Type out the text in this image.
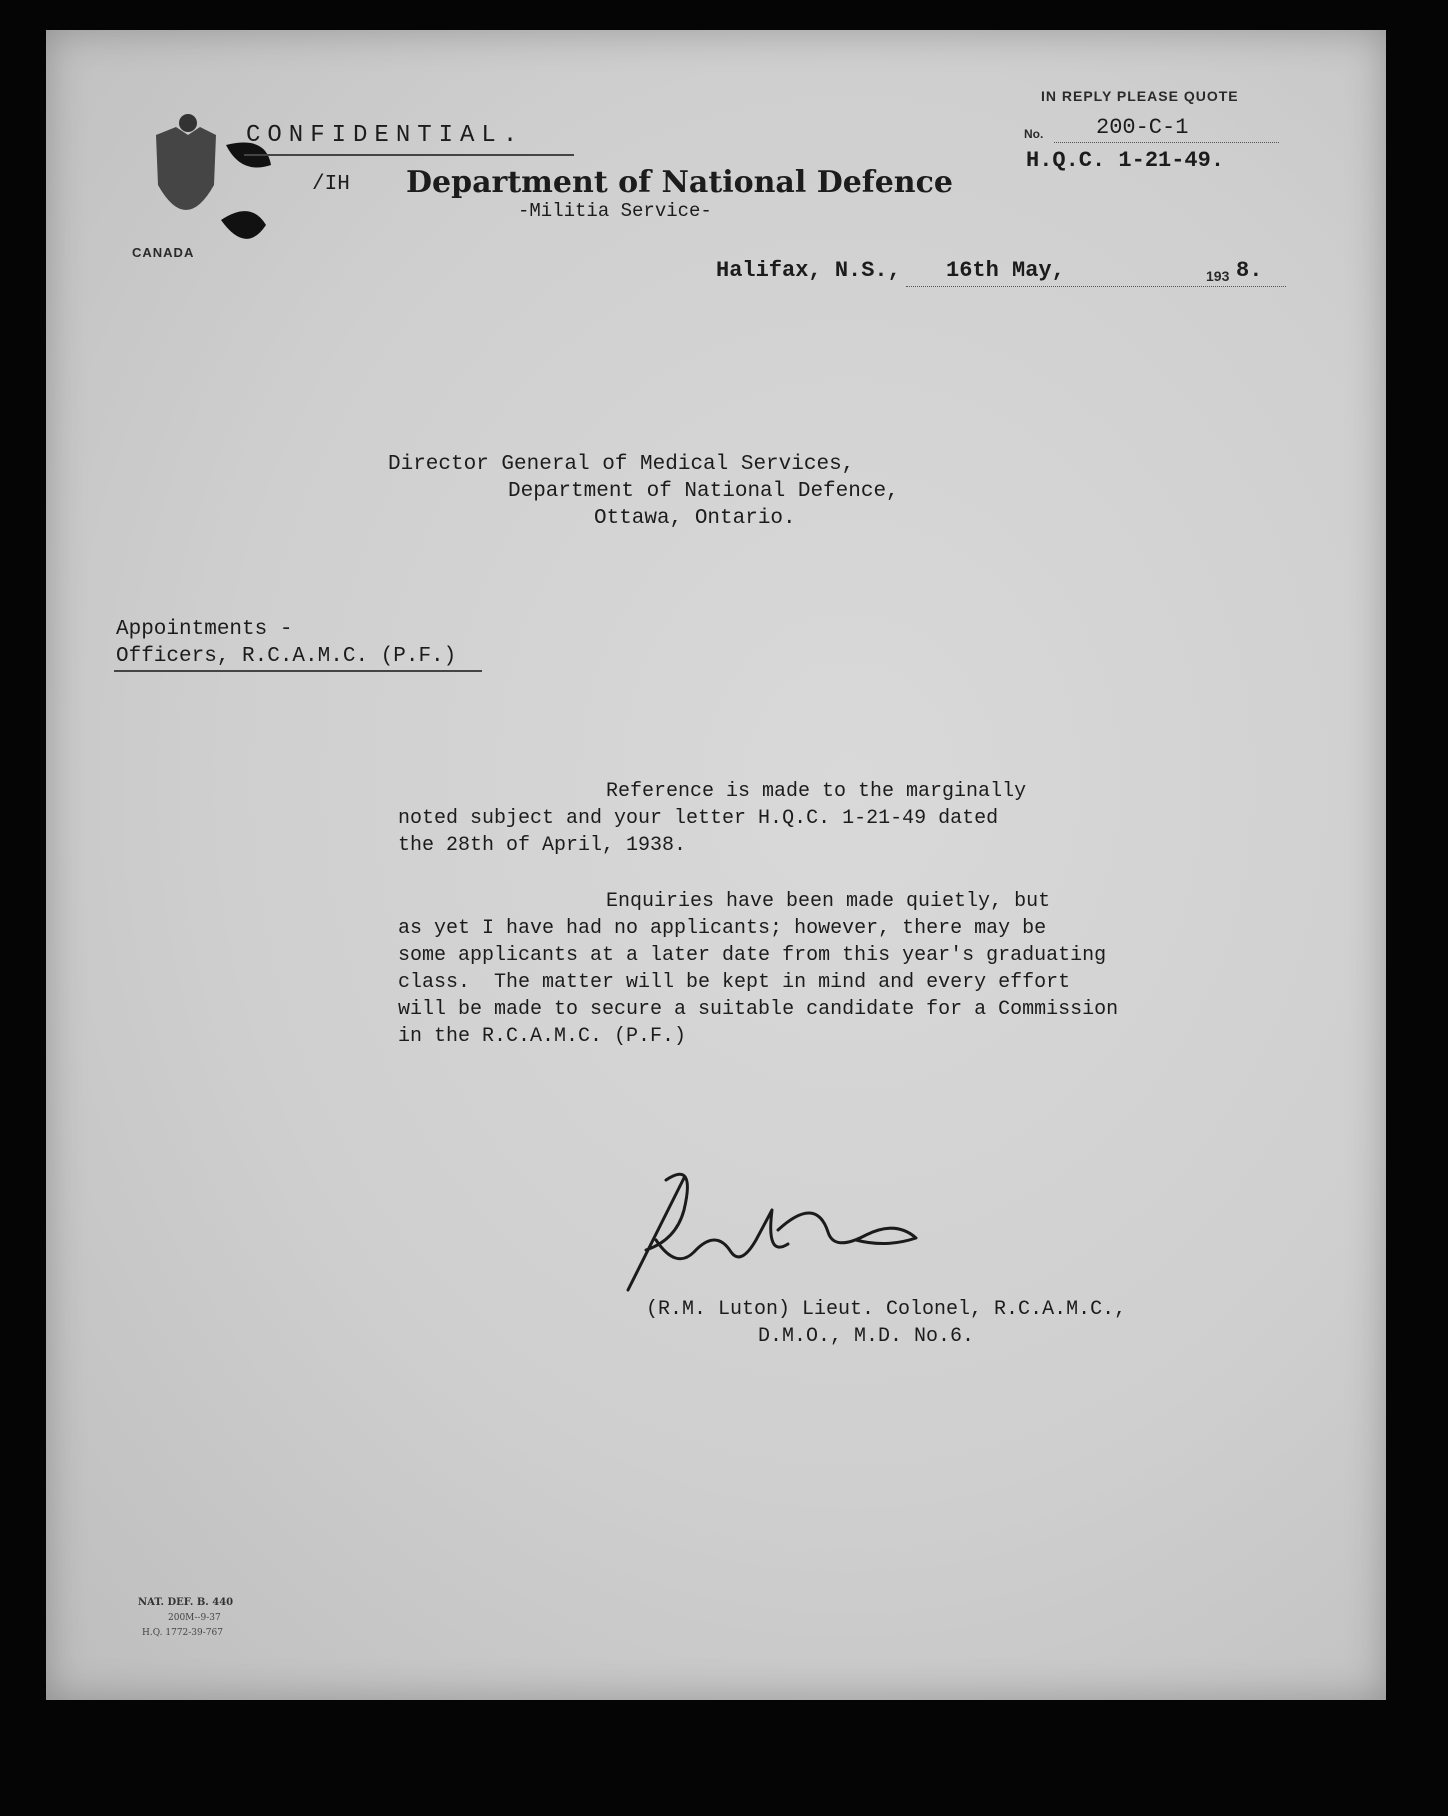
CANADA
CONFIDENTIAL.
/IH Department of National Defence
-Militia Service-
IN REPLY PLEASE QUOTE
No. 200-C-1
H.Q.C. 1-21-49.
Halifax, N.S., 16th May,	193 8.
Director General of Medical Services,
Department of National Defence,
Ottawa, Ontario.
Appointments -
Officers, R.C.A.M.C. (P.F.)
Reference is made to the marginally
noted subject and your letter H.Q.C. 1-21-49 dated
the 28th of April, 1938.
Enquiries have been made quietly, but
as yet I have had no applicants; however, there may be
some applicants at a later date from this year's graduating
class.  The matter will be kept in mind and every effort
will be made to secure a suitable candidate for a Commission
in the R.C.A.M.C. (P.F.)
(R.M. Luton) Lieut. Colonel, R.C.A.M.C.,
D.M.O., M.D. No.6.
NAT. DEF. B. 440
200M--9-37
H.Q. 1772-39-767
